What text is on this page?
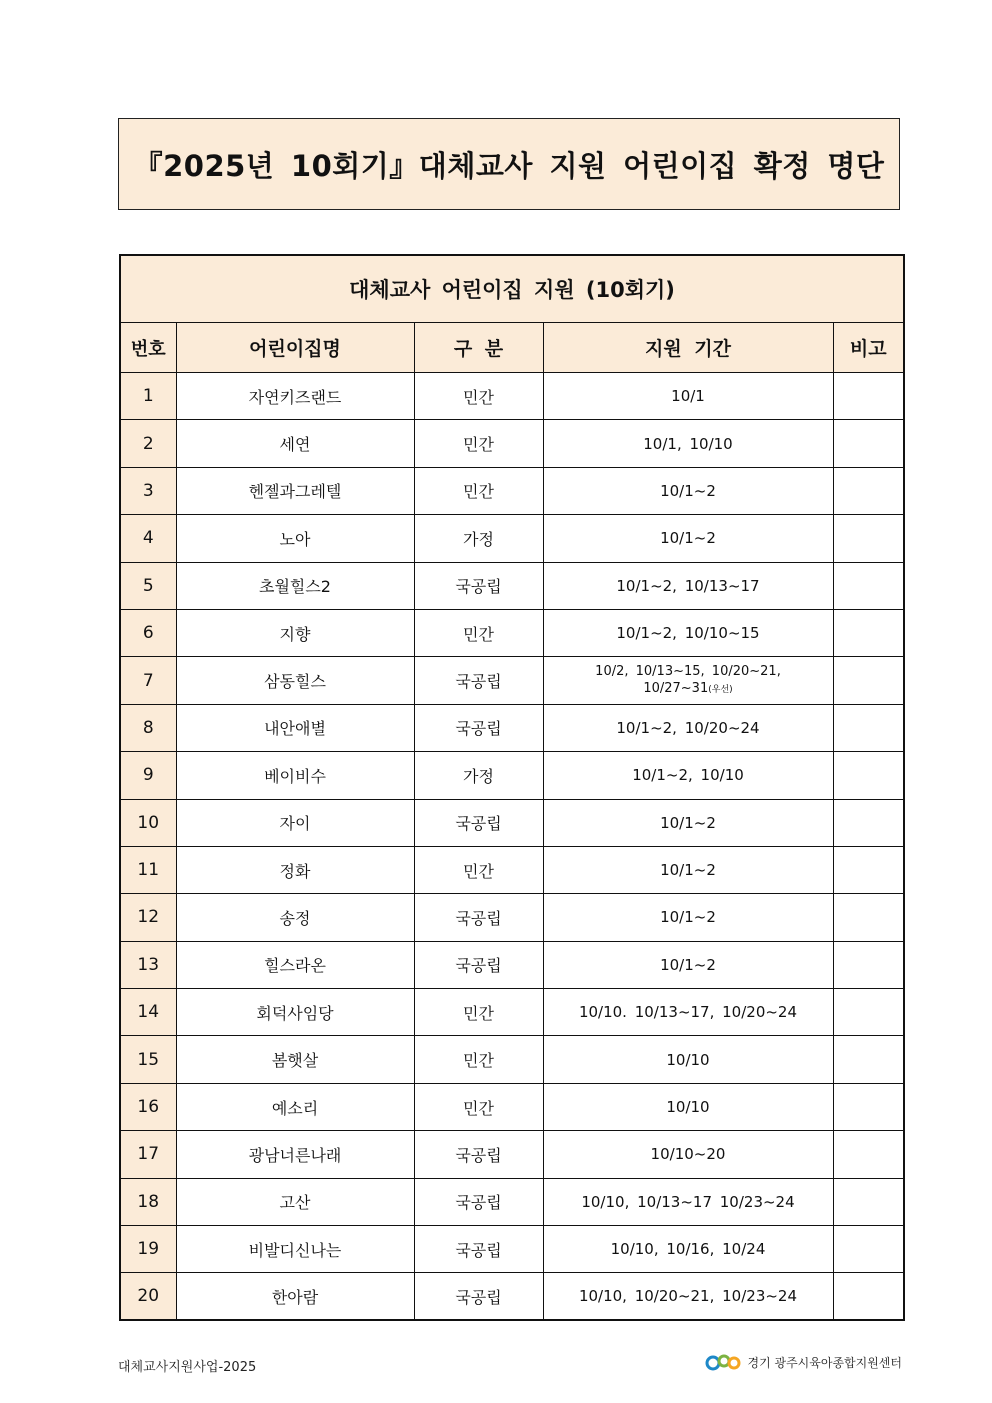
『2025년 10회기』대체교사 지원 어린이집 확정 명단
대체교사 어린이집 지원 (10회기)				
번호	어린이집명	구 분	지원 기간	비고
1	자연키즈랜드	민간	10/1	
2	세연	민간	10/1, 10/10	
3	헨젤과그레텔	민간	10/1~2	
4	노아	가정	10/1~2	
5	초월힐스2	국공립	10/1~2, 10/13~17	
6	지향	민간	10/1~2, 10/10~15	
7	삼동힐스	국공립	10/2, 10/13~15, 10/20~21,
10/27~31(우선)	

8	내안애별	국공립	10/1~2, 10/20~24	
9	베이비수	가정	10/1~2, 10/10	
10	자이	국공립	10/1~2	
11	정화	민간	10/1~2	
12	송정	국공립	10/1~2	
13	힐스라온	국공립	10/1~2	
14	회덕사임당	민간	10/10. 10/13~17, 10/20~24	
15	봄햇살	민간	10/10	
16	예소리	민간	10/10	
17	광남너른나래	국공립	10/10~20	
18	고산	국공립	10/10, 10/13~17 10/23~24	
19	비발디신나는	국공립	10/10, 10/16, 10/24	
20	한아람	국공립	10/10, 10/20~21, 10/23~24	
대체교사지원사업-2025	경기 광주시육아종합지원센터
